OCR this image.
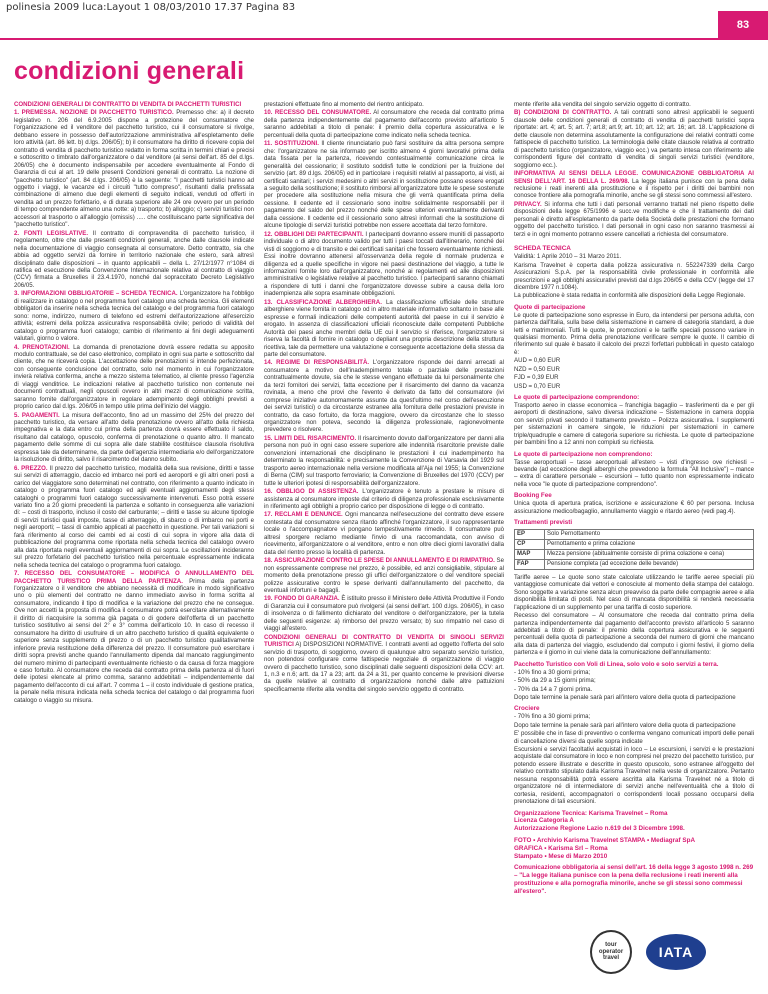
polinesia 2009 luca:Layout 1 08/03/2010 17.37 Pagina 83
83
condizioni generali
CONDIZIONI GENERALI DI CONTRATTO DI VENDITA DI PACCHETTI TURISTICI
1. PREMESSA. NOZIONE DI PACCHETTO TURISTICO. Premesso che: a) il decreto legislativo n. 206 del 6.9.2005 dispone a protezione del consumatore che l'organizzazione ed il venditore del pacchetto turistico, cui il consumatore si rivolge, debbano essere in possesso dell'autorizzazione amministrativa all'espletamento delle loro attività (art. 86 lett. b) d.lgs. 206/05); b) il consumatore ha diritto di ricevere copia del contratto di vendita di pacchetto turistico redatto in forma scritta in termini chiari e precisi e sottoscritto o timbrato dall'organizzatore o dal venditore (ai sensi dell'art. 85 del d.lgs. 206/05) che è documento indispensabile per accedere eventualmente al Fondo di Garanzia di cui al art. 19 delle presenti Condizioni generali di contratto. La nozione di "pacchetto turistico" (art. 84 d.lgs. 206/05) è la seguente: "I pacchetti turistici hanno ad oggetto i viaggi, le vacanze ed i circuiti "tutto compreso", risultanti dalla prefissata combinazione di almeno due degli elementi di seguito indicati, venduti od offerti in vendita ad un prezzo forfettario, e di durata superiore alle 24 ore ovvero per un periodo di tempo comprendente almeno una notte: a) trasporto; b) alloggio; c) servizi turistici non accessori al trasporto o all'alloggio (omissis) ..... che costituiscano parte significativa del "pacchetto turistico".
2. FONTI LEGISLATIVE. Il contratto di compravendita di pacchetto turistico, il regolamento, oltre che dalle presenti condizioni generali, anche dalle clausole indicate nella documentazione di viaggio consegnata al consumatore. Detto contratto, sia che abbia ad oggetto servizi da fornire in territorio nazionale che estero, sarà altresì disciplinato dalle disposizioni – in quanto applicabili – della L. 27/12/1977 n°1084 di ratifica ed esecuzione della Convenzione Internazionale relativa al contratto di viaggio (CCV) firmata a Bruxelles il 23.4.1970, nonché dal sopraccitato Decreto Legislativo 206/05.
3. INFORMAZIONI OBBLIGATORIE – SCHEDA TECNICA. L'organizzatore ha l'obbligo di realizzare in catalogo o nel programma fuori catalogo una scheda tecnica. Gli elementi obbligatori da inserire nella scheda tecnica del catalogo e del programma fuori catalogo sono: nome, indirizzo, numero di telefono ed estremi dell'autorizzazione all'esercizio attività; estremi della polizza assicurativa responsabilità civile; periodo di validità del catalogo o programma fuori catalogo; cambio di riferimento ai fini degli adeguamenti valutari, giorno o valore.
4. PRENOTAZIONI. La domanda di prenotazione dovrà essere redatta su apposito modulo contrattuale, se del caso elettronico, compilato in ogni sua parte e sottoscritto dal cliente, che ne riceverà copia. L'accettazione delle prenotazioni si intende perfezionata, con conseguente conclusione del contratto, solo nel momento in cui l'organizzatore invierà relativa conferma, anche a mezzo sistema telematico, al cliente presso l'agenzia di viaggi venditrice. Le indicazioni relative al pacchetto turistico non contenute nei documenti contrattuali, negli opuscoli ovvero in altri mezzi di comunicazione scritta, saranno fornite dall'organizzatore in regolare adempimento degli obblighi previsti a proprio carico dal d.lgs. 206/05 in tempo utile prima dell'inizio del viaggio.
5. PAGAMENTI. La misura dell'acconto, fino ad un massimo del 25% del prezzo del pacchetto turistico, da versare all'atto della prenotazione ovvero all'atto della richiesta impegnativa e la data entro cui prima della partenza dovrà essere effettuato il saldo, risultano dal catalogo, opuscolo, conferma di prenotazione o quanto altro. Il mancato pagamento delle somme di cui sopra alle date stabilite costituisce clausola risolutiva espressa tale da determinarne, da parte dell'agenzia intermediaria e/o dell'organizzatore la risoluzione di diritto, salvo il risarcimento del danno subìto.
6. PREZZO. Il prezzo del pacchetto turistico, modalità della sua revisione, diritti e tasse sui servizi di atterraggio, daccio ed imbarco nei porti ed aeroporti e gli altri oneri posti a carico del viaggiatore sono determinati nel contratto, con riferimento a quanto indicato in catalogo o programma fuori catalogo ed agli eventuali aggiornamenti degli stessi cataloghi o programmi fuori catalogo successivamente intervenuti. Esso potrà essere variato fino a 20 giorni precedenti la partenza e soltanto in conseguenza alle variazioni di: – costi di trasporto, incluso il costo del carburante; – diritti e tasse su alcune tipologie di servizi turistici quali imposte, tasse di atterraggio, di sbarco o di imbarco nei porti e negli aeroporti; – tassi di cambio applicati al pacchetto in questione. Per tali variazioni si farà riferimento al corso dei cambi ed ai costi di cui sopra in vigore alla data di pubblicazione del programma come riportata nella scheda tecnica del catalogo ovvero alla data riportata negli eventuali aggiornamenti di cui sopra. Le oscillazioni incideranno sul prezzo forfetario del pacchetto turistico nella percentuale espressamente indicata nella scheda tecnica del catalogo o programma fuori catalogo.
7. RECESSO DEL CONSUMATORE – MODIFICA O ANNULLAMENTO DEL PACCHETTO TURISTICO PRIMA DELLA PARTENZA. Prima della partenza l'organizzatore o il venditore che abbiano necessità di modificare in modo significativo uno o più elementi del contratto ne danno immediato avviso in forma scritta al consumatore, indicando il tipo di modifica e la variazione del prezzo che ne consegue. Ove non accetti la proposta di modifica il consumatore potrà esercitare alternativamente il diritto di riacquisire la somma già pagata o di godere dell'offerta di un pacchetto turistico sostitutivo ai sensi del 2° e 3° comma dell'articolo 10. In caso di recesso il consumatore ha diritto di usufruire di un altro pacchetto turistico di qualità equivalente o superiore senza supplemento di prezzo o di un pacchetto turistico qualitativamente inferiore previa restituzione della differenza del prezzo. Il consumatore può esercitare i diritti sopra previsti anche quando l'annullamento dipenda dal mancato raggiungimento del numero minimo di partecipanti eventualmente richiesto o da causa di forza maggiore e caso fortuito. Al consumatore che receda dal contratto prima della partenza al di fuori delle ipotesi elencate al primo comma, saranno addebitati – indipendentemente dal pagamento dell'acconto di cui all'art. 7 comma 1 – il costo individuale di gestione pratica, la penale nella misura indicata nella scheda tecnica del catalogo o dal programma fuori catalogo o viaggio su misura.
prestazioni effettuate fino al momento del rientro anticipato.
10. RECESSO DEL CONSUMATORE. Al consumatore che receda dal contratto prima della partenza indipendentemente dal pagamento dell'acconto previsto all'articolo 5 saranno addebitati a titolo di penale: il premio della copertura assicurativa e le percentuali della quota di partecipazione come indicato nella scheda tecnica.
11. SOSTITUZIONI. Il cliente rinunciatario può farsi sostituire da altra persona sempre che: l'organizzatore ne sia informato per iscritto almeno 4 giorni lavorativi prima della data fissata per la partenza, ricevendo contestualmente comunicazione circa le generalità del cessionario; il sostituto soddisfi tutte le condizioni per la fruizione del servizio (art. 89 d.lgs. 206/05) ed in particolare i requisiti relativi al passaporto, ai visti, ai certificati sanitari; i servizi medesimi o altri servizi in sostituzione possano essere erogati a seguito della sostituzione; il sostituto rimborsi all'organizzatore tutte le spese sostenute per procedere alla sostituzione nella misura che gli verrà quantificata prima della cessione. Il cedente ed il cessionario sono inoltre solidalmente responsabili per il pagamento del saldo del prezzo nonché delle spese ulteriori eventualmente derivanti dalla cessione. Il cedente ed il cessionario sono altresì informati che la sostituzione di alcune tipologie di servizi turistici potrebbe non essere accettata dal terzo fornitore.
12. OBBLIGHI DEI PARTECIPANTI. I partecipanti dovranno essere muniti di passaporto individuale o di altro documento valido per tutti i paesi toccati dall'itinerario, nonché dei visti di soggiorno e di transito e dei certificati sanitari che fossero eventualmente richiesti. Essi inoltre dovranno attenersi all'osservanza della regole di normale prudenza e diligenza ed a quelle specifiche in vigore nei paesi destinazione del viaggio, a tutte le informazioni fornite loro dall'organizzatore, nonché ai regolamenti ed alle disposizioni amministrative o legislative relative al pacchetto turistico. I partecipanti saranno chiamati a rispondere di tutti i danni che l'organizzatore dovesse subire a causa della loro inadempienza alle sopra esaminate obbligazioni.
13. CLASSIFICAZIONE ALBERGHIERA. La classificazione ufficiale delle strutture alberghiere viene fornita in catalogo od in altro materiale informativo soltanto in base alle espresse e formali indicazioni delle competenti autorità del paese in cui il servizio è erogato. In assenza di classificazioni ufficiali riconosciute dalle competenti Pubbliche Autorità dei paesi anche membri della UE cui il servizio si riferisce, l'organizzatore si riserva la facoltà di fornire in catalogo o depliant una propria descrizione della struttura ricettiva, tale da permettere una valutazione e conseguente accettazione della stessa da parte del consumatore.
14. REGIME DI RESPONSABILITÀ. L'organizzatore risponde dei danni arrecati al consumatore a motivo dell'inadempimento totale o parziale delle prestazioni contrattualmente dovute, sia che le stesse vengano effettuate da lui personalmente che da terzi fornitori dei servizi, fatta eccezione per il risarcimento del danno da vacanza rovinata, a meno che provi che l'evento è derivato da fatto del consumatore (ivi comprese iniziative autonomamente assunte da quest'ultimo nel corso dell'esecuzione dei servizi turistici) o da circostanze estranee alla fornitura delle prestazioni previste in contratto, da caso fortuito, da forza maggiore, ovvero da circostanze che lo stesso organizzatore non poteva, secondo la diligenza professionale, ragionevolmente prevedere o risolvere.
15. LIMITI DEL RISARCIMENTO. Il risarcimento dovuto dall'organizzatore per danni alla persona non può in ogni caso essere superiore alle indennità risarcitorie previste dalle convenzioni internazionali che disciplinano le prestazioni il cui inadempimento ha determinato la responsabilità: e precisamente la Convenzione di Varsavia del 1929 sul trasporto aereo internazionale nella versione modificata all'Aja nel 1955; la Convenzione di Berna (CIM) sul trasporto ferroviario; la Convenzione di Bruxelles del 1970 (CCV) per tutte le ulteriori ipotesi di responsabilità dell'organizzatore.
16. OBBLIGO DI ASSISTENZA. L'organizzatore è tenuto a prestare le misure di assistenza al consumatore imposte dal criterio di diligenza professionale esclusivamente in riferimento agli obblighi a proprio carico per disposizione di legge o di contratto.
17. RECLAMI E DENUNCE. Ogni mancanza nell'esecuzione del contratto deve essere contestata dal consumatore senza ritardo affinché l'organizzatore, il suo rappresentante locale o l'accompagnatore vi pongano tempestivamente rimedio. Il consumatore può altresì sporgere reclamo mediante l'invio di una raccomandata, con avviso di ricevimento, all'organizzatore o al venditore, entro e non oltre dieci giorni lavorativi dalla data del rientro presso la località di partenza.
18. ASSICURAZIONE CONTRO LE SPESE DI ANNULLAMENTO E DI RIMPATRIO. Se non espressamente comprese nel prezzo, è possibile, ed anzi consigliabile, stipulare al momento della prenotazione presso gli uffici dell'organizzatore o del venditore speciali polizze assicurative contro le spese derivanti dall'annullamento del pacchetto, da eventuali infortuni e bagagli.
19. FONDO DI GARANZIA. È istituito presso il Ministero delle Attività Produttive il Fondo di Garanzia cui il consumatore può rivolgersi (ai sensi dell'art. 100 d.lgs. 206/05), in caso di insolvenza o di fallimento dichiarato del venditore o dell'organizzatore, per la tutela delle seguenti esigenze: a) rimborso del prezzo versato; b) suo rimpatrio nel caso di viaggi all'estero.
CONDIZIONI GENERALI DI CONTRATTO DI VENDITA DI SINGOLI SERVIZI TURISTICI A) DISPOSIZIONI NORMATIVE. I contratti aventi ad oggetto l'offerta del solo servizio di trasporto, di soggiorno, ovvero di qualunque altro separato servizio turistico, non potendosi configurare come fattispecie negoziale di organizzazione di viaggio ovvero di pacchetto turistico, sono disciplinati dalle seguenti disposizioni della CCV: art. 1, n.3 e n.6; artt. da 17 a 23; artt. da 24 a 31, per quanto concerne le previsioni diverse da quelle relative al contratto di organizzazione nonché dalle altre pattuizioni specificamente riferite alla vendita del singolo servizio oggetto di contratto.
mente riferite alla vendita del singolo servizio oggetto di contratto.
B) CONDIZIONI DI CONTRATTO. A tali contratti sono altresì applicabili le seguenti clausole delle condizioni generali di contratto di vendita di pacchetti turistici sopra riportate: art. 4; art. 5; art. 7; art.8; art.9; art. 10; art. 12; art. 16; art. 18. L'applicazione di dette clausole non determina assolutamente la configurazione dei relativi contratti come fattispecie di pacchetto turistico. La terminologia delle citate clausole relativa al contratto di pacchetto turistico (organizzatore, viaggio ecc.) va pertanto intesa con riferimento alle corrispondenti figure del contratto di vendita di singoli servizi turistici (venditore, soggiorno ecc.).
INFORMATIVA AI SENSI DELLA LEGGE. COMUNICAZIONE OBBLIGATORIA AI SENSI DELL'ART. 16 DELLA L. 269/98. La legge italiana punisce con la pena della reclusione i reati inerenti alla prostituzione e il rispetto per i diritti dei bambini non conosce frontiere alla pornografia minorile, anche se gli stessi sono commessi all'estero.
PRIVACY. Si informa che tutti i dati personali verranno trattati nel pieno rispetto delle disposizioni della legge 675/1996 e succ.ve modifiche e che il trattamento dei dati personali è diretto all'espletamento da parte della Società delle prestazioni che formano oggetto del pacchetto turistico. I dati personali in ogni caso non saranno trasmessi ai terzi e in ogni momento potranno essere cancellati a richiesta del consumatore.
SCHEDA TECNICA
Validità: 1 Aprile 2010 – 31 Marzo 2011.
Karisma Travelnet è coperta dalla polizza assicurativa n. 552247339 della Cargo Assicurazioni S.p.A. per la responsabilità civile professionale in conformità alle prescrizioni e agli obblighi assicurativi previsti dal d.lgs 206/05 e della CCV (legge del 17 dicembre 1977 n.1084).
La pubblicazione è stata redatta in conformità alle disposizioni della Legge Regionale.
Quote di partecipazione
Le quote di partecipazione sono espresse in Euro, da intendersi per persona adulta, con partenza dall'Italia, sulla base della sistemazione in camere di categoria standard, a due letti e matrimoniali. Tutti le quote, le promozioni e le tariffe speciali possono variare in qualsiasi momento. Prima della prenotazione verificare sempre le quote. Il cambio di riferimento sul quale è basato il calcolo dei prezzi forfettari pubblicati in questo catalogo è:
AUD = 0,60 EUR
NZD = 0,50 EUR
FJD = 0,39 EUR
USD = 0,70 EUR
Le quote di partecipazione comprendono:
Trasporto aereo in classe economica – franchigia bagaglio – trasferimenti da e per gli aeroporti di destinazione, salvo diversa indicazione – Sistemazione in camera doppia con servizi privati secondo il trattamento previsto – Polizza assicurativa. I supplementi per sistemazioni in camere singole, le riduzioni per sistemazioni in camere triple/quadruple e camere di categoria superiore su richiesta. Le quote di partecipazione per bambini fino a 12 anni non compiuti su richiesta.
Le quote di partecipazione non comprendono:
Tasse aeroportuali – tasse aeroportuali all'estero – visti d'ingresso ove richiesti – bevande (ad eccezione degli alberghi che prevedono la formula "All Inclusive") – mance – extra di carattere personale – escursioni – tutto quanto non espressamente indicato nella voce "le quote di partecipazione comprendono".
Booking Fee
Unica quota di apertura pratica, iscrizione e assicurazione € 60 per persona. Inclusa assicurazione medico/bagaglio, annullamento viaggio e ritardo aereo (vedi pag.4).
Trattamenti previsti
EP	Solo Pernottamento
CP	Pernottamento e prima colazione
MAP	Mezza pensione (abitualmente consiste di prima colazione e cena)
FAP	Pensione completa (ad eccezione delle bevande)
Tariffe aeree – Le quote sono state calcolate utilizzando le tariffe aeree speciali più vantaggiose comunicate dai vettori e conosciute al momento della stampa del catalogo. Sono soggette a variazione senza alcun preavviso da parte delle compagnie aeree e alla disponibilità limitata di posti. Nel caso di mancata disponibilità si renderà necessaria l'applicazione di un supplemento per una tariffa di costo superiore.
Recesso del consumatore – Al consumatore che receda dal contratto prima della partenza indipendentemente dal pagamento dell'acconto previsto all'articolo 5 saranno addebitati a titolo di penale: il premio della copertura assicurativa e le seguenti percentuali della quota di partecipazione a seconda del numero di giorni che mancano alla data di partenza del viaggio, escludendo dal computo i giorni festivi, il giorno della partenza e il giorno in cui viene data la comunicazione dell'annullamento:
Pacchetto Turistico con Voli di Linea, solo volo e solo servizi a terra.
- 10% fino a 30 giorni prima;
- 50% da 29 a 15 giorni prima;
- 70% da 14 a 7 giorni prima.
Dopo tale termine la penale sarà pari all'intero valore della quota di partecipazione
Crociere
- 70% fino a 30 giorni prima;
Dopo tale termine la penale sarà pari all'intero valore della quota di partecipazione
E' possibile che in fase di preventivo o conferma vengano comunicati importi delle penali di cancellazione diversi da quelle sopra indicate
Escursioni e servizi facoltativi acquistati in loco – Le escursioni, i servizi e le prestazioni acquistate dal consumatore in loco e non compresi nel prezzo del pacchetto turistico, pur potendo essere illustrate e descritte in questo opuscolo, sono estranee all'oggetto del relativo contratto stipulato dalla Karisma Travelnet nella veste di organizzatore. Pertanto nessuna responsabilità potrà essere ascritta alla Karisma Travelnet né a titolo di organizzatore né di intermediatore di servizi anche nell'eventualità che a titolo di cortesia, residenti, accompagnatori o corrispondenti locali possano occuparsi della prenotazione di tali escursioni.
Organizzazione Tecnica: Karisma Travelnet – Roma
Licenza Categoria A
Autorizzazione Regione Lazio n.619 del 3 Dicembre 1998.
FOTO • Archivio Karisma Travelnet STAMPA • Mediagraf SpA
GRAFICA • Karisma Srl – Roma
Stampato • Mese di Marzo 2010
Comunicazione obbligatoria ai sensi dell'art. 16 della legge 3 agosto 1998 n. 269 – "La legge italiana punisce con la pena della reclusione i reati inerenti alla prostituzione e alla pornografia minorile, anche se gli stessi sono commessi all'estero".
tour
operator
travel	IATA
